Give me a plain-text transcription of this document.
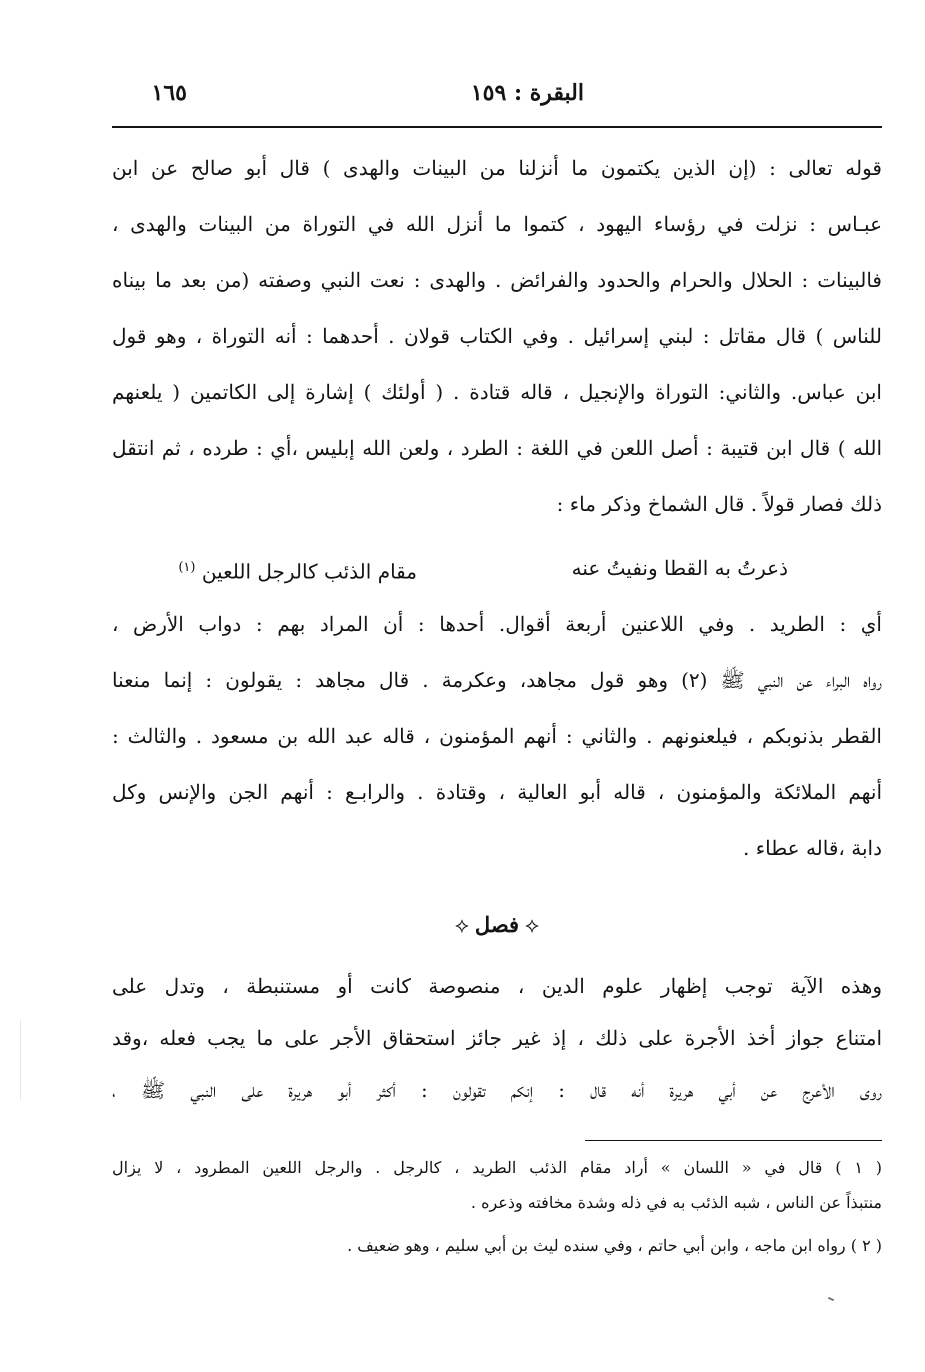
البقرة : ١٥٩
١٦٥
قوله تعالى : (إن الذين يكتمون ما أنزلنا من البينات والهدى ) قال أبو صالح عن ابن
عبـاس : نزلت في رؤساء اليهود ، كتموا ما أنزل الله في التوراة من البينات والهدى ،
فالبينات : الحلال والحرام والحدود والفرائض . والهدى : نعت النبي وصفته (من بعد ما بيناه
للناس ) قال مقاتل : لبني إسرائيل . وفي الكتاب قولان . أحدهما : أنه التوراة ، وهو قول
ابن عباس. والثاني: التوراة والإنجيل ، قاله قتادة . ( أولئك ) إشارة إلى الكاتمين ( يلعنهم
الله ) قال ابن قتيبة : أصل اللعن في اللغة : الطرد ، ولعن الله إبليس ،أي : طرده ، ثم انتقل
ذلك فصار قولاً . قال الشماخ وذكر ماء :
ذعرتُ به القطا ونفيتُ عنه
مقام الذئب كالرجل اللعين $^{(١)}$
أي : الطريد . وفي اللاعنين أربعة أقوال. أحدها : أن المراد بهم : دواب الأرض ،
رواه البراء عن النبي ﷺ (٢) وهو قول مجاهد، وعكرمة . قال مجاهد : يقولون : إنما منعنا
القطر بذنوبكم ، فيلعنونهم . والثاني : أنهم المؤمنون ، قاله عبد الله بن مسعود . والثالث :
أنهم الملائكة والمؤمنون ، قاله أبو العالية ، وقتادة . والرابـع : أنهم الجن والإنس وكل
دابة ،قاله عطاء .
⟡فصل⟡
وهذه الآية توجب إظهار علوم الدين ، منصوصة كانت أو مستنبطة ، وتدل على
امتناع جواز أخذ الأجرة على ذلك ، إذ غير جائز استحقاق الأجر على ما يجب فعله ،وقد
روى الأعرج عن أبي هريرة أنه قال : إنكم تقولون : أكثر أبو هريرة على النبي ﷺ ،
( ١ ) قال في « اللسان » أراد مقام الذئب الطريد ، كالرجل . والرجل اللعين المطرود ، لا يزال
منتبذاً عن الناس ، شبه الذئب به في ذله وشدة مخافته وذعره .
( ٢ ) رواه ابن ماجه ، وابن أبي حاتم ، وفي سنده ليث بن أبي سليم ، وهو ضعيف .
